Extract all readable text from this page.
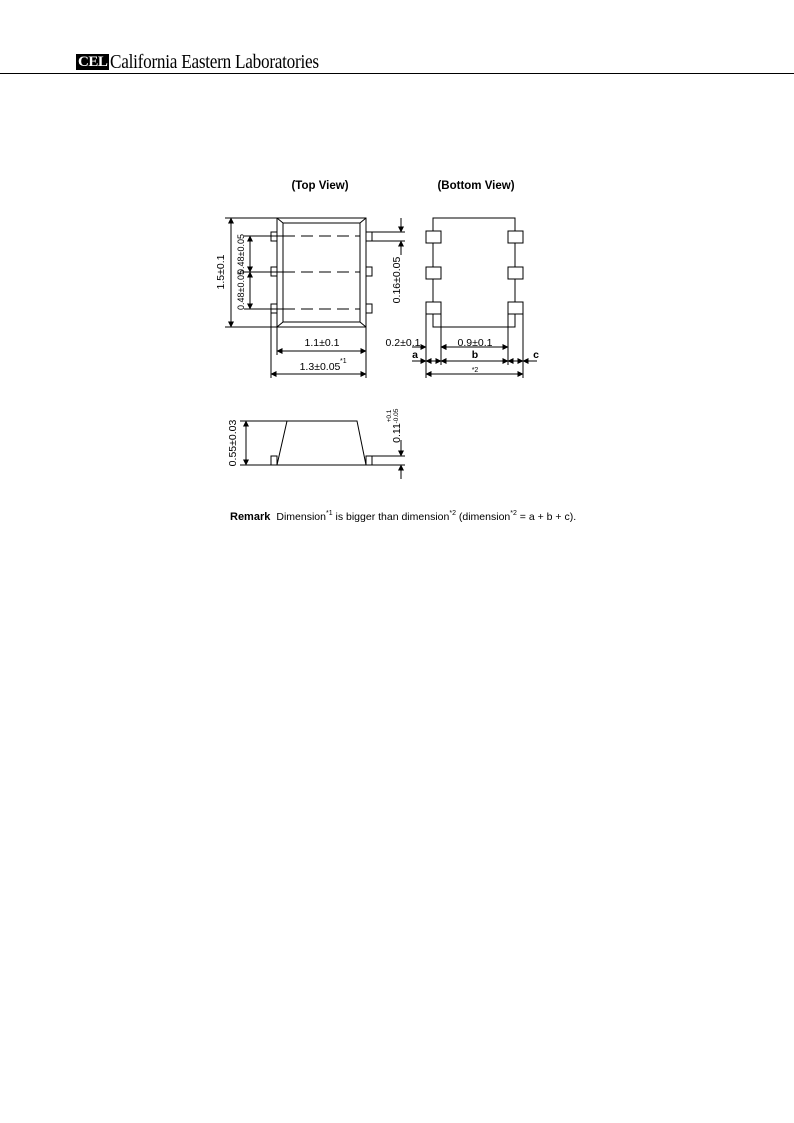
CEL California Eastern Laboratories
(Top View)	(Bottom View)
1.5±0.1 0.48±0.05
0.48±0.05	0.16±0.05
1.1±0.1
1.3±0.05 *1
0.2±0.1	0.9±0.1
a	b	c
*2
0.55±0.03	0.11
+0.1 -0.05
Remark Dimension$^{*1}$ is bigger than dimension$^{*2}$ (dimension$^{*2}$ = a + b + c).
